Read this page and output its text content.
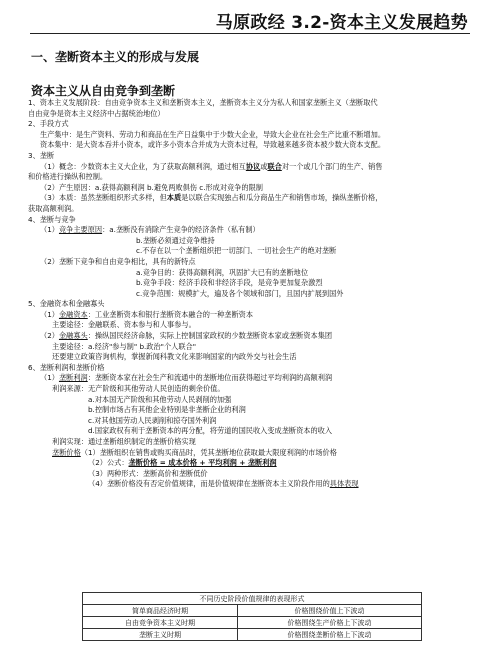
马原政经 3.2-资本主义发展趋势
一、垄断资本主义的形成与发展
资本主义从自由竞争到垄断
1、资本主义发展阶段：自由竞争资本主义和垄断资本主义，垄断资本主义分为私人和国家垄断主义（垄断取代
自由竞争是资本主义经济中占据统治地位）
2、手段方式
生产集中：是生产资料、劳动力和商品在生产日益集中于少数大企业，导致大企业在社会生产比重不断增加。
资本集中：是大资本吞并小资本，或许多小资本合并成为大资本过程，导致越来越多资本被少数大资本支配。
3、垄断
（1）概念：少数资本主义大企业，为了获取高额利润，通过相互协议或联合对一个或几个部门的生产、销售
和价格进行操纵和控制。
（2）产生原因：a.获得高额利润 b.避免两败俱伤 c.形成对竞争的限制
（3）本质：虽然垄断组织形式多样，但本质是以联合实现独占和瓜分商品生产和销售市场，操纵垄断价格，
获取高额利润。
4、垄断与竞争
（1）竞争主要原因：a.垄断没有消除产生竞争的经济条件（私有制）
b.垄断必须通过竞争维持
c.不存在以一个垄断组织把一切部门、一切社会生产的绝对垄断
（2）垄断下竞争和自由竞争相比，具有的新特点
a.竞争目的：获得高额利润，巩固扩大已有的垄断地位
b.竞争手段：经济手段和非经济手段，是竞争更加复杂激烈
c.竞争范围：规模扩大，遍及各个领域和部门，且国内扩展到国外
5、金融资本和金融寡头
（1）金融资本：工业垄断资本和银行垄断资本融合的一种垄断资本
主要途径：金融联系、资本参与和人事参与。
（2）金融寡头：操纵国民经济命脉，实际上控制国家政权的少数垄断资本家或垄断资本集团
主要途径：a.经济"参与制" b.政治"个人联合"
还要建立政策咨询机构，掌握新闻科教文化来影响国家的内政外交与社会生活
6、垄断利润和垄断价格
（1）垄断利润：垄断资本家在社会生产和流通中的垄断地位而获得超过平均利润的高额利润
利润来源：无产阶级和其他劳动人民创造的剩余价值。
a.对本国无产阶级和其他劳动人民剥削的加强
b.控制市场占有其他企业特别是非垄断企业的利润
c.对其他国劳动人民剥削和掠夺国外利润
d.国家政权有利于垄断资本的再分配，将劳道的国民收入变成垄断资本的收入
利润实现：通过垄断组织制定的垄断价格实现
垄断价格（1）垄断组织在销售或购买商品时，凭其垄断地位获取最大限度利润的市场价格
（2）公式：垄断价格 = 成本价格 + 平均利润 + 垄断利润
（3）两种形式：垄断高价和垄断低价
（4）垄断价格没有否定价值规律，而是价值规律在垄断资本主义阶段作用的具体表现
不同历史阶段价值规律的表现形式	
简单商品经济时期	价格围绕价值上下波动
自由竞争资本主义时期	价格围绕生产价格上下波动
垄断主义时期	价格围绕垄断价格上下波动
